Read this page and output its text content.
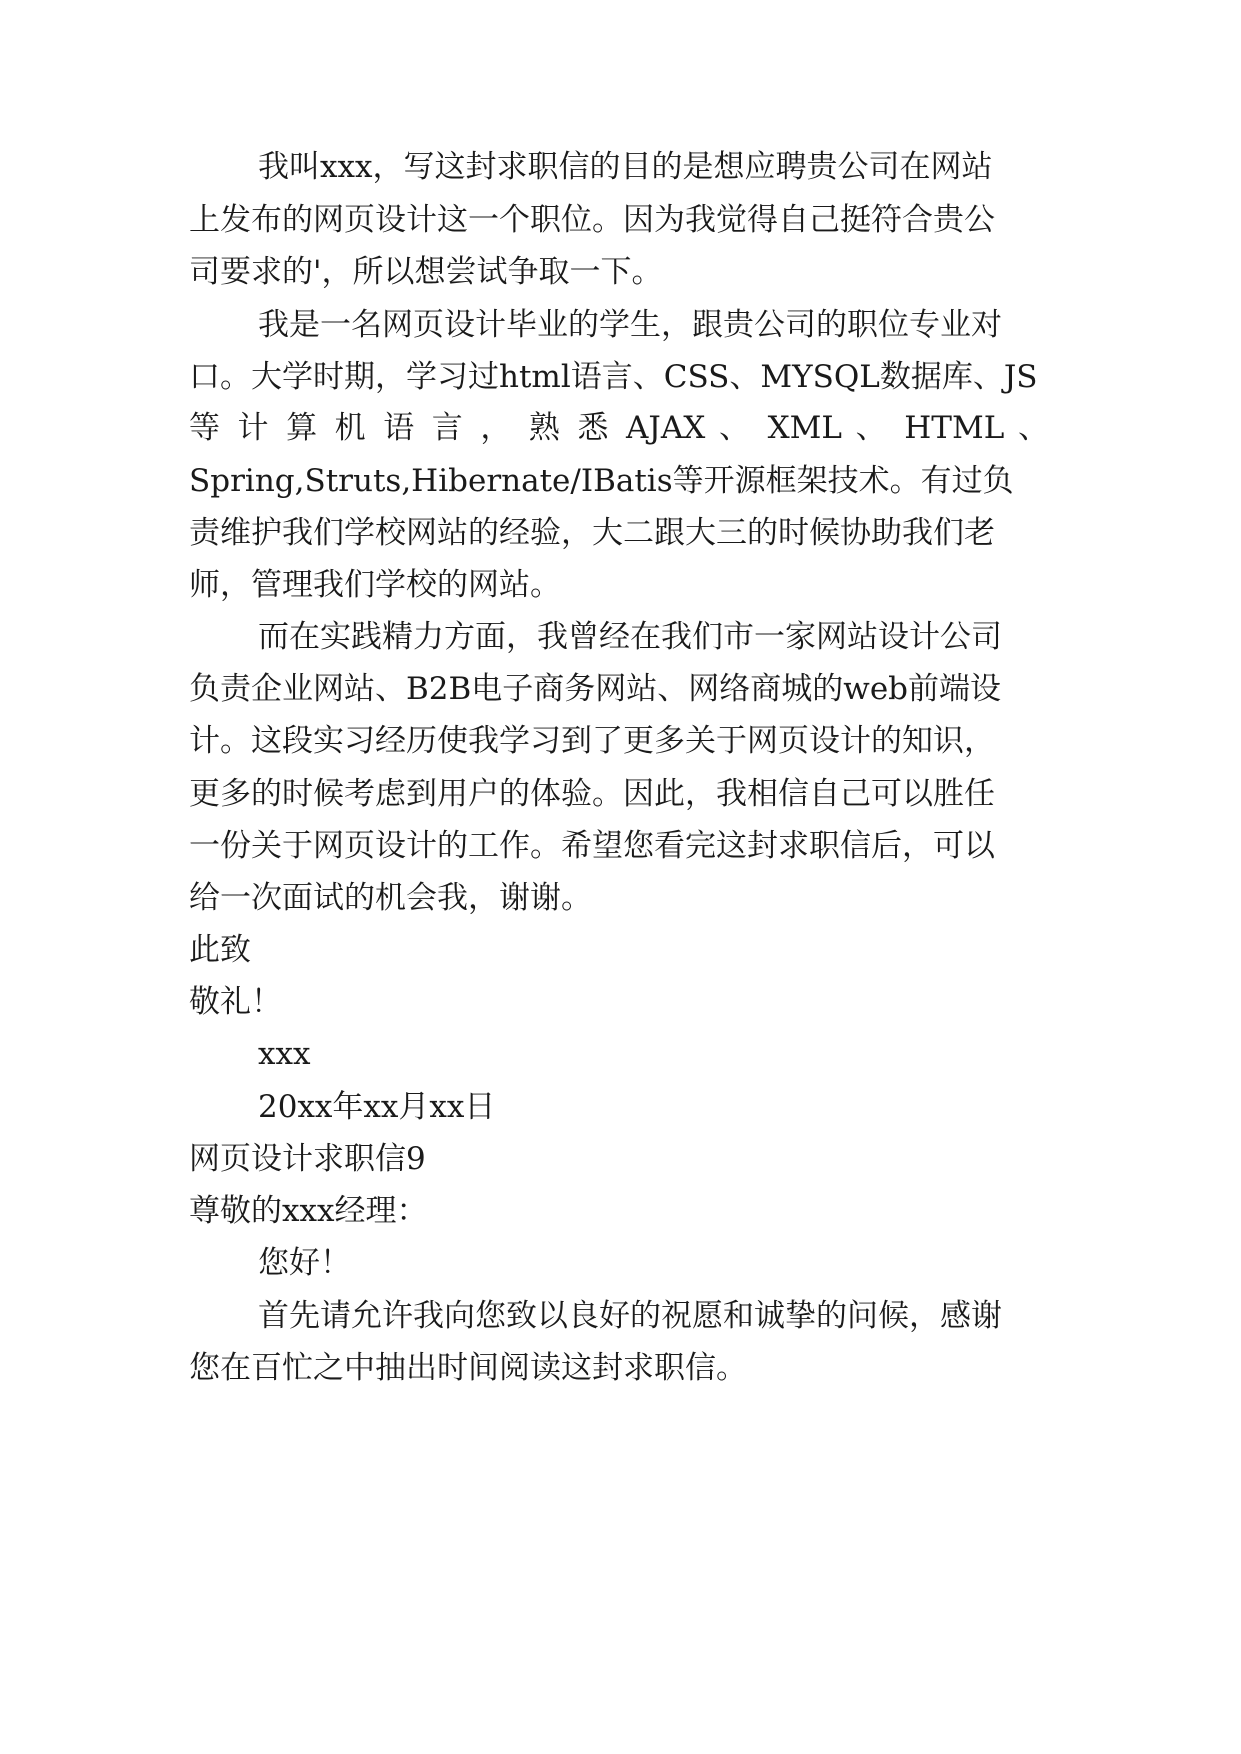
我叫xxx，写这封求职信的目的是想应聘贵公司在网站
上发布的网页设计这一个职位。因为我觉得自己挺符合贵公
司要求的'，所以想尝试争取一下。
我是一名网页设计毕业的学生，跟贵公司的职位专业对
口。大学时期，学习过html语言、CSS、MYSQL数据库、JS
等 计 算 机 语 言 ， 熟 悉 AJAX 、 XML 、 HTML 、
Spring,Struts,Hibernate/IBatis等开源框架技术。有过负
责维护我们学校网站的经验，大二跟大三的时候协助我们老
师，管理我们学校的网站。
而在实践精力方面，我曾经在我们市一家网站设计公司
负责企业网站、B2B电子商务网站、网络商城的web前端设
计。这段实习经历使我学习到了更多关于网页设计的知识，
更多的时候考虑到用户的体验。因此，我相信自己可以胜任
一份关于网页设计的工作。希望您看完这封求职信后，可以
给一次面试的机会我，谢谢。
此致
敬礼！
xxx
20xx年xx月xx日
网页设计求职信9
尊敬的xxx经理：
您好！
首先请允许我向您致以良好的祝愿和诚挚的问候，感谢
您在百忙之中抽出时间阅读这封求职信。
